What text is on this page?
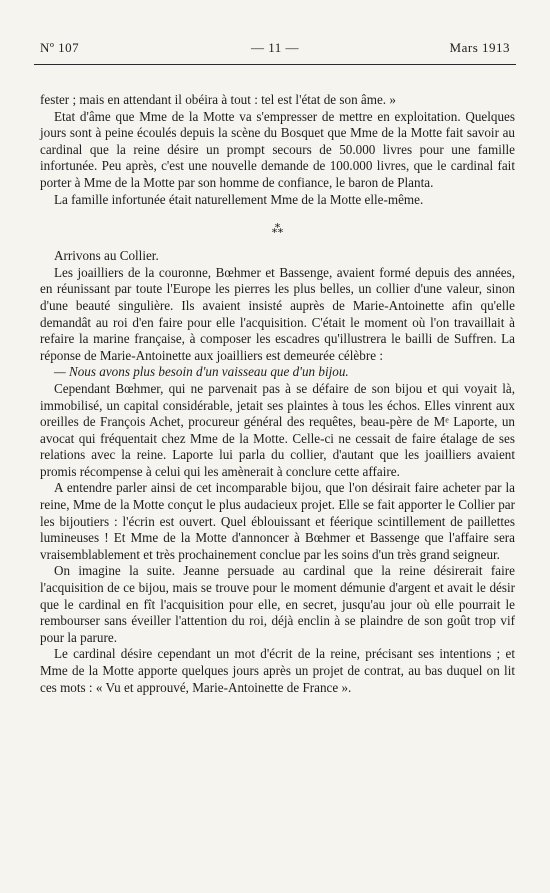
Nº 107	— 11 —	Mars 1913

fester ; mais en attendant il obéira à tout : tel est l'état de son âme. »

Etat d'âme que Mme de la Motte va s'empresser de mettre en exploitation. Quelques jours sont à peine écoulés depuis la scène du Bosquet que Mme de la Motte fait savoir au cardinal que la reine désire un prompt secours de 50.000 livres pour une famille infortunée. Peu après, c'est une nouvelle demande de 100.000 livres, que le cardinal fait porter à Mme de la Motte par son homme de confiance, le baron de Planta.

La famille infortunée était naturellement Mme de la Motte elle-même.

⁂

Arrivons au Collier.

Les joailliers de la couronne, Bœhmer et Bassenge, avaient formé depuis des années, en réunissant par toute l'Europe les pierres les plus belles, un collier d'une valeur, sinon d'une beauté singulière. Ils avaient insisté auprès de Marie-Antoinette afin qu'elle demandât au roi d'en faire pour elle l'acquisition. C'était le moment où l'on travaillait à refaire la marine française, à composer les escadres qu'illustrera le bailli de Suffren. La réponse de Marie-Antoinette aux joailliers est demeurée célèbre :

— Nous avons plus besoin d'un vaisseau que d'un bijou.

Cependant Bœhmer, qui ne parvenait pas à se défaire de son bijou et qui voyait là, immobilisé, un capital considérable, jetait ses plaintes à tous les échos. Elles vinrent aux oreilles de François Achet, procureur général des requêtes, beau-père de Mᵉ Laporte, un avocat qui fréquentait chez Mme de la Motte. Celle-ci ne cessait de faire étalage de ses relations avec la reine. Laporte lui parla du collier, d'autant que les joailliers avaient promis récompense à celui qui les amènerait à conclure cette affaire.

A entendre parler ainsi de cet incomparable bijou, que l'on désirait faire acheter par la reine, Mme de la Motte conçut le plus audacieux projet. Elle se fait apporter le Collier par les bijoutiers : l'écrin est ouvert. Quel éblouissant et féerique scintillement de paillettes lumineuses ! Et Mme de la Motte d'annoncer à Bœhmer et Bassenge que l'affaire sera vraisemblablement et très prochainement conclue par les soins d'un très grand seigneur.

On imagine la suite. Jeanne persuade au cardinal que la reine désirerait faire l'acquisition de ce bijou, mais se trouve pour le moment démunie d'argent et avait le désir que le cardinal en fît l'acquisition pour elle, en secret, jusqu'au jour où elle pourrait le rembourser sans éveiller l'attention du roi, déjà enclin à se plaindre de son goût trop vif pour la parure.

Le cardinal désire cependant un mot d'écrit de la reine, précisant ses intentions ; et Mme de la Motte apporte quelques jours après un projet de contrat, au bas duquel on lit ces mots : « Vu et approuvé, Marie-Antoinette de France ».
